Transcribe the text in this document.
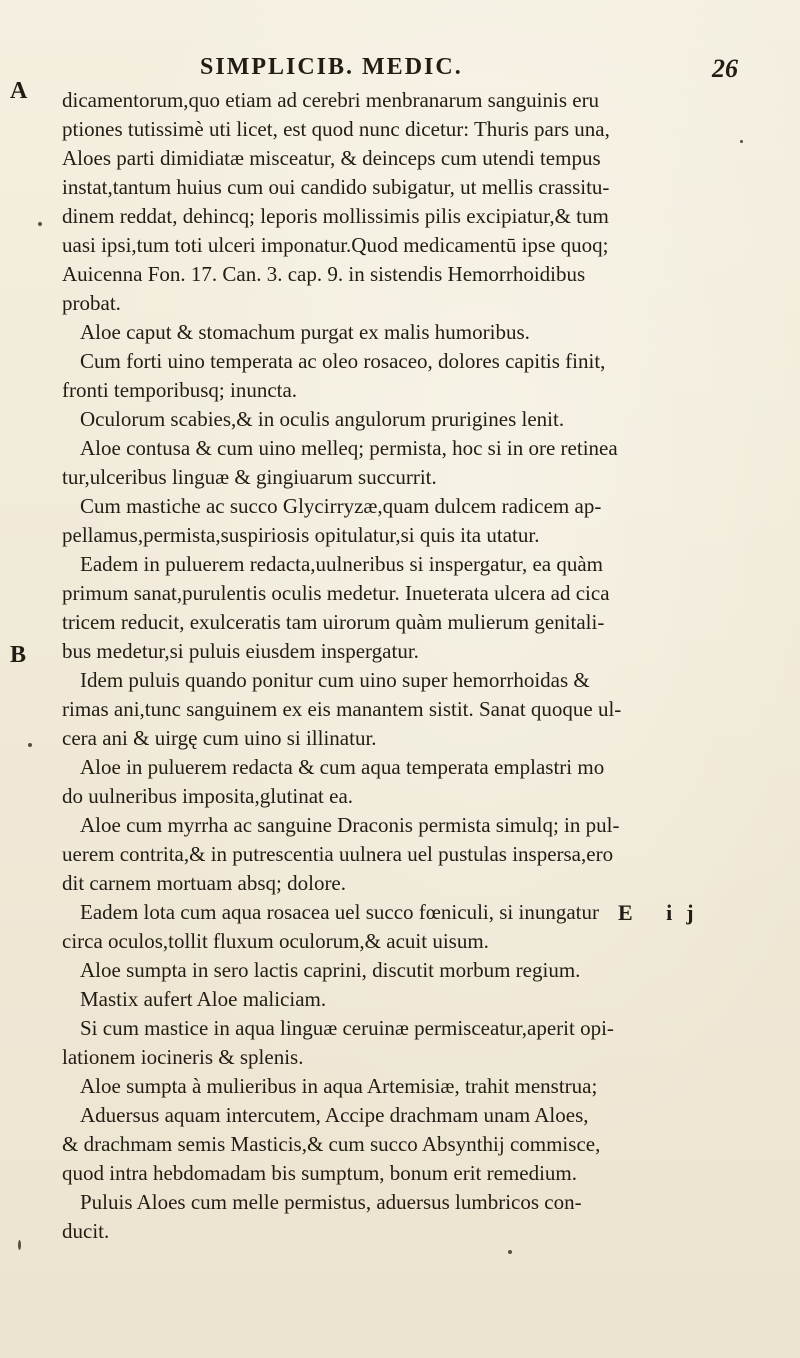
SIMPLICIB. MEDIC.	26
A
B
dicamentorum,quo etiam ad cerebri menbranarum sanguinis eru
ptiones tutissimè uti licet, est quod nunc dicetur: Thuris pars una,
Aloes parti dimidiatæ misceatur, & deinceps cum utendi tempus
instat,tantum huius cum oui candido subigatur, ut mellis crassitu-
dinem reddat, dehincq; leporis mollissimis pilis excipiatur,& tum
uasi ipsi,tum toti ulceri imponatur.Quod medicamentū ipse quoq;
Auicenna Fon. 17. Can. 3. cap. 9. in sistendis Hemorrhoidibus
probat.
Aloe caput & stomachum purgat ex malis humoribus.
Cum forti uino temperata ac oleo rosaceo, dolores capitis finit,
fronti temporibusq; inuncta.
Oculorum scabies,& in oculis angulorum prurigines lenit.
Aloe contusa & cum uino melleq; permista, hoc si in ore retinea
tur,ulceribus linguæ & gingiuarum succurrit.
Cum mastiche ac succo Glycirryzæ,quam dulcem radicem ap-
pellamus,permista,suspiriosis opitulatur,si quis ita utatur.
Eadem in puluerem redacta,uulneribus si inspergatur, ea quàm
primum sanat,purulentis oculis medetur. Inueterata ulcera ad cica
tricem reducit, exulceratis tam uirorum quàm mulierum genitali-
bus medetur,si puluis eiusdem inspergatur.
Idem puluis quando ponitur cum uino super hemorrhoidas &
rimas ani,tunc sanguinem ex eis manantem sistit. Sanat quoque ul-
cera ani & uirgę cum uino si illinatur.
Aloe in puluerem redacta & cum aqua temperata emplastri mo
do uulneribus imposita,glutinat ea.
Aloe cum myrrha ac sanguine Draconis permista simulq; in pul-
uerem contrita,& in putrescentia uulnera uel pustulas inspersa,ero
dit carnem mortuam absq; dolore.
Eadem lota cum aqua rosacea uel succo fœniculi, si inungatur
circa oculos,tollit fluxum oculorum,& acuit uisum.
Aloe sumpta in sero lactis caprini, discutit morbum regium.
Mastix aufert Aloe maliciam.
Si cum mastice in aqua linguæ ceruinæ permisceatur,aperit opi-
lationem iocineris & splenis.
Aloe sumpta à mulieribus in aqua Artemisiæ, trahit menstrua;
Aduersus aquam intercutem, Accipe drachmam unam Aloes,
& drachmam semis Masticis,& cum succo Absynthij commisce,
quod intra hebdomadam bis sumptum, bonum erit remedium.
Puluis Aloes cum melle permistus, aduersus lumbricos con-
ducit.
E ij
